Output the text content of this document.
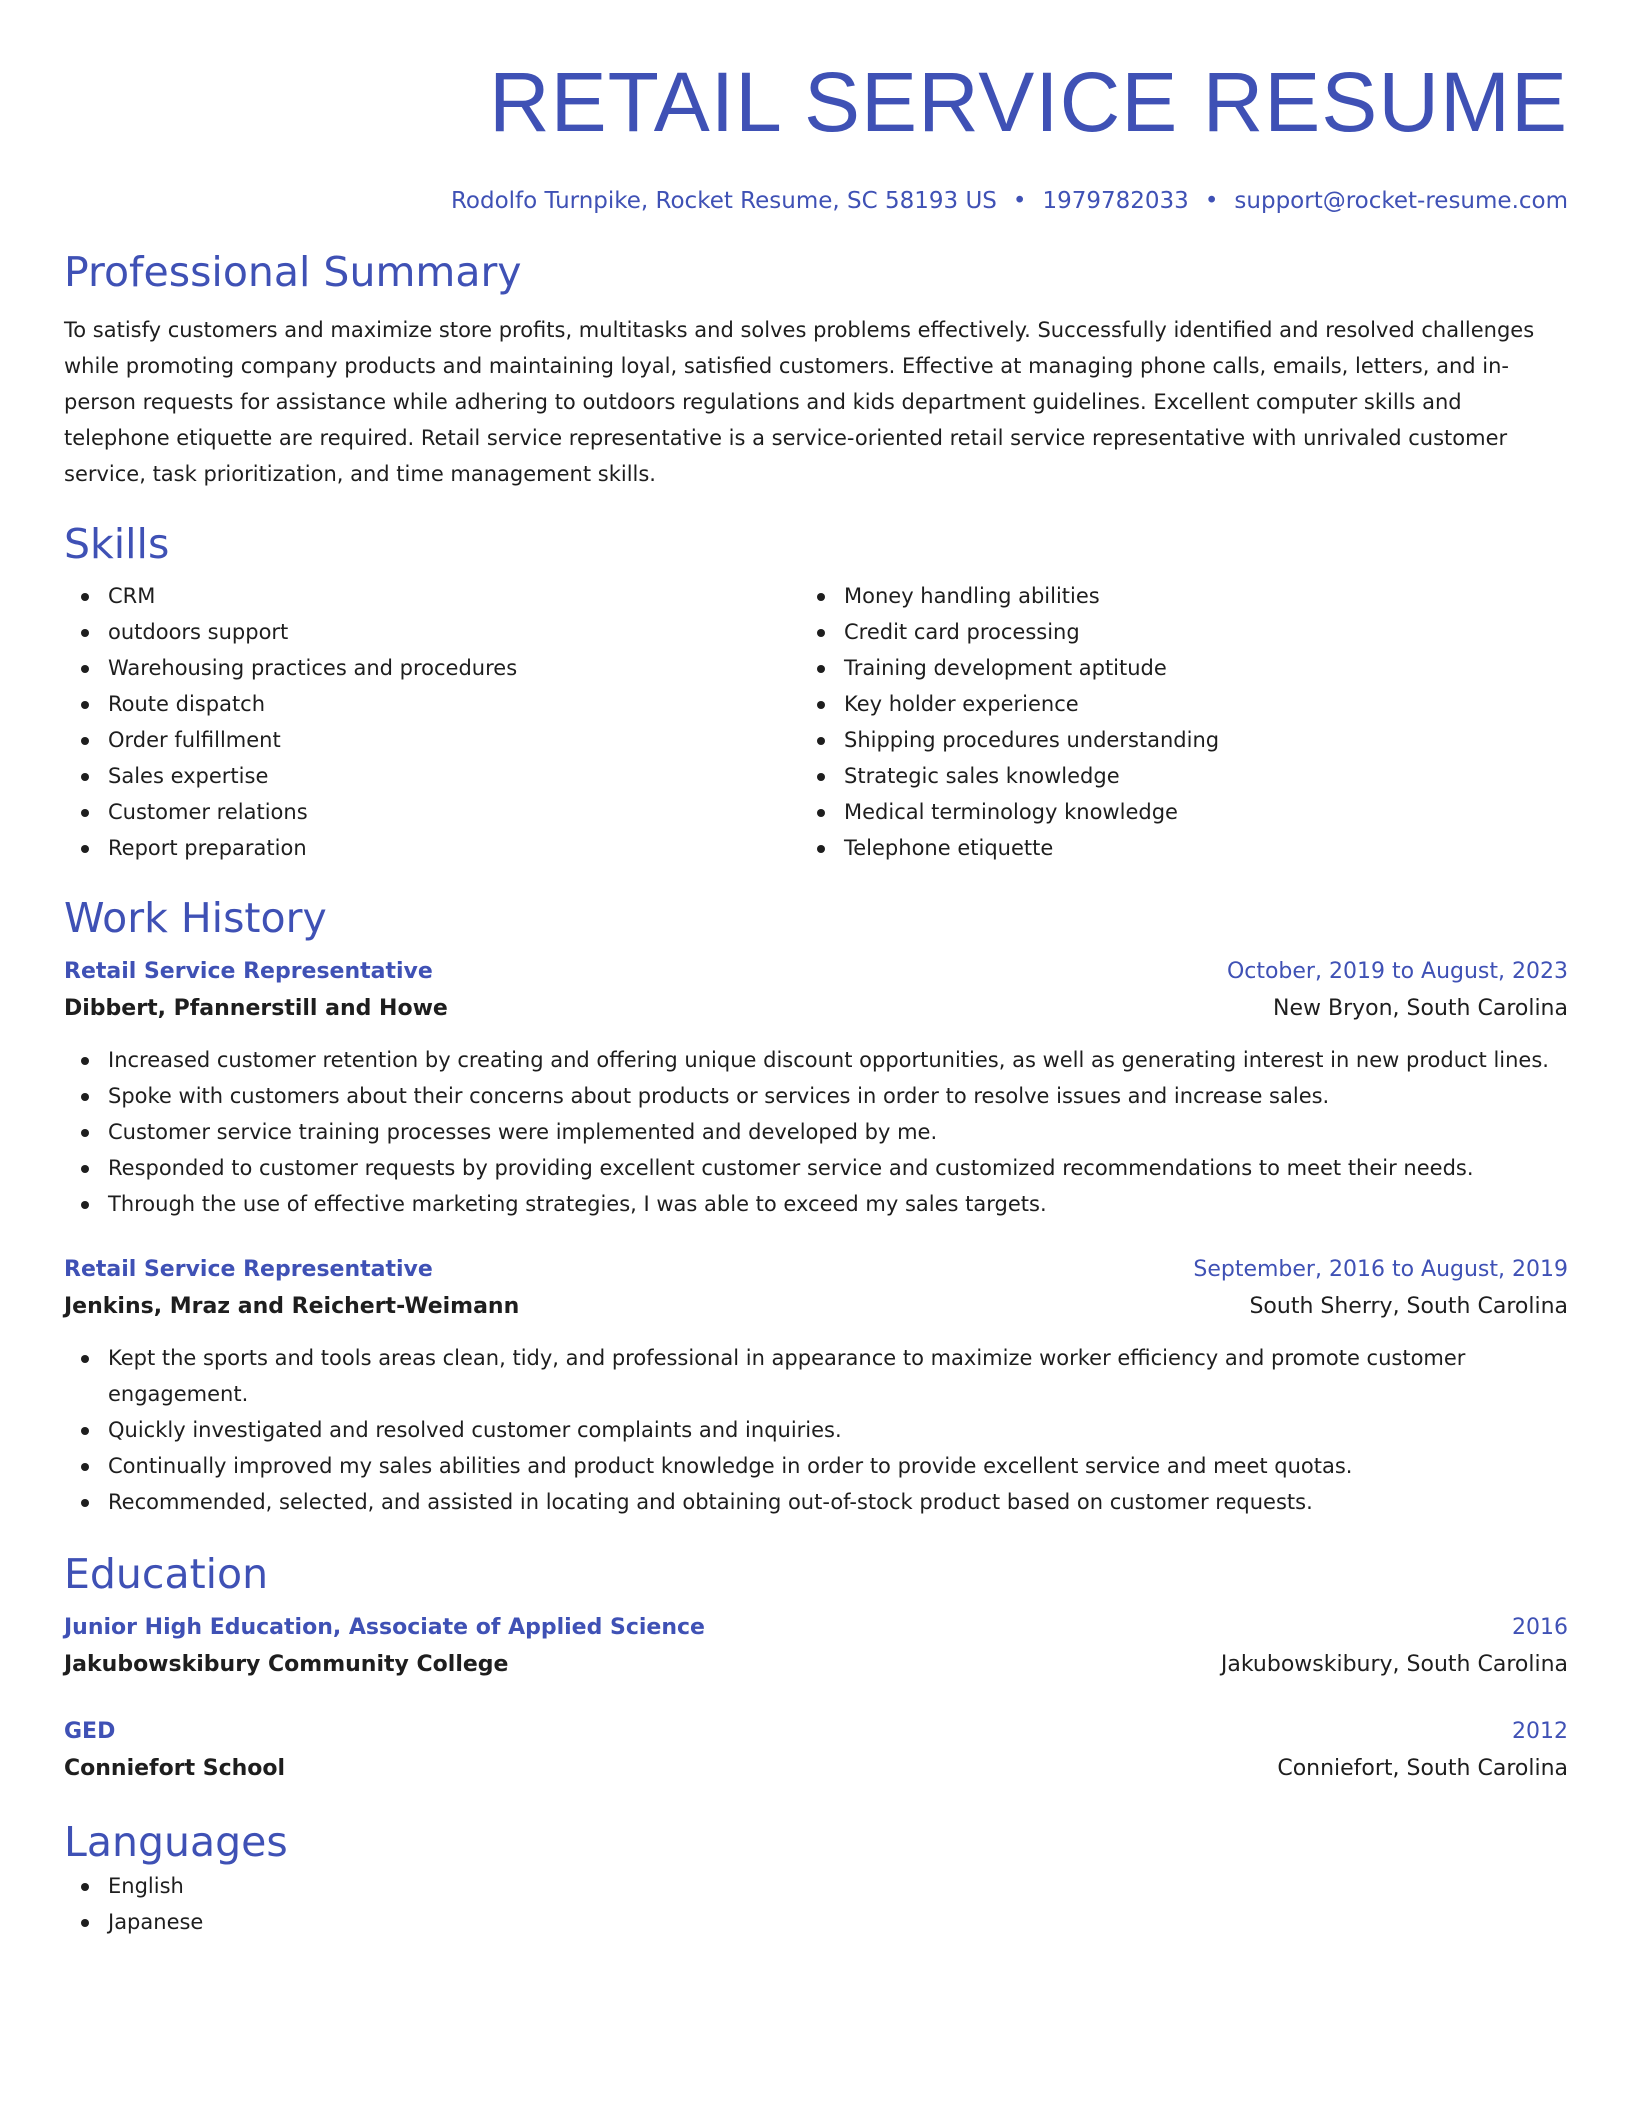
RETAIL SERVICE RESUME
Rodolfo Turnpike, Rocket Resume, SC 58193 US • 1979782033 • support@rocket-resume.com
Professional Summary

To satisfy customers and maximize store profits, multitasks and solves problems effectively. Successfully identified and resolved challenges while promoting company products and maintaining loyal, satisfied customers. Effective at managing phone calls, emails, letters, and in-person requests for assistance while adhering to outdoors regulations and kids department guidelines. Excellent computer skills and telephone etiquette are required. Retail service representative is a service-oriented retail service representative with unrivaled customer service, task prioritization, and time management skills.

Skills
CRM
outdoors support
Warehousing practices and procedures
Route dispatch
Order fulfillment
Sales expertise
Customer relations
Report preparation
Money handling abilities
Credit card processing
Training development aptitude
Key holder experience
Shipping procedures understanding
Strategic sales knowledge
Medical terminology knowledge
Telephone etiquette
Work History
Retail Service Representative	October, 2019 to August, 2023
Dibbert, Pfannerstill and Howe	New Bryon, South Carolina
Increased customer retention by creating and offering unique discount opportunities, as well as generating interest in new product lines.
Spoke with customers about their concerns about products or services in order to resolve issues and increase sales.
Customer service training processes were implemented and developed by me.
Responded to customer requests by providing excellent customer service and customized recommendations to meet their needs.
Through the use of effective marketing strategies, I was able to exceed my sales targets.
Retail Service Representative	September, 2016 to August, 2019
Jenkins, Mraz and Reichert-Weimann	South Sherry, South Carolina
Kept the sports and tools areas clean, tidy, and professional in appearance to maximize worker efficiency and promote customer engagement.
Quickly investigated and resolved customer complaints and inquiries.
Continually improved my sales abilities and product knowledge in order to provide excellent service and meet quotas.
Recommended, selected, and assisted in locating and obtaining out-of-stock product based on customer requests.
Education
Junior High Education, Associate of Applied Science	2016
Jakubowskibury Community College	Jakubowskibury, South Carolina
GED	2012
Conniefort School	Conniefort, South Carolina
Languages
English
Japanese
